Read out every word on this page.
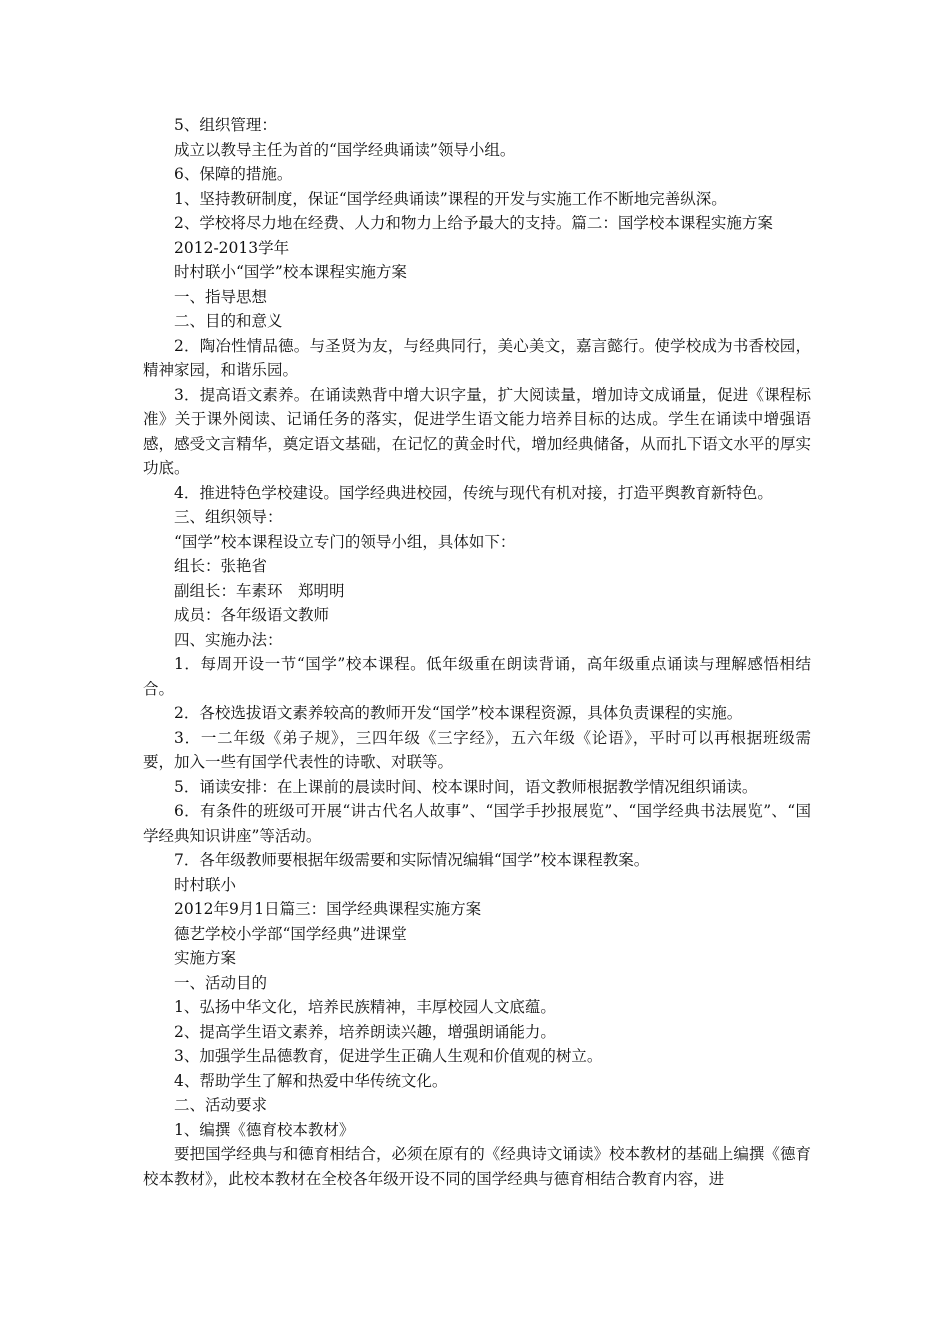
5、组织管理：

成立以教导主任为首的“国学经典诵读”领导小组。

6、保障的措施。

1、坚持教研制度，保证“国学经典诵读”课程的开发与实施工作不断地完善纵深。

2、学校将尽力地在经费、人力和物力上给予最大的支持。篇二：国学校本课程实施方案

2012-2013学年

时村联小“国学”校本课程实施方案

一、指导思想

二、目的和意义

2．陶冶性情品德。与圣贤为友，与经典同行，美心美文，嘉言懿行。使学校成为书香校园，精神家园，和谐乐园。

3．提高语文素养。在诵读熟背中增大识字量，扩大阅读量，增加诗文成诵量，促进《课程标准》关于课外阅读、记诵任务的落实，促进学生语文能力培养目标的达成。学生在诵读中增强语感，感受文言精华，奠定语文基础，在记忆的黄金时代，增加经典储备，从而扎下语文水平的厚实功底。

4．推进特色学校建设。国学经典进校园，传统与现代有机对接，打造平舆教育新特色。

三、组织领导：

“国学”校本课程设立专门的领导小组，具体如下：

组长：张艳省

副组长：车素环　郑明明

成员：各年级语文教师

四、实施办法：

1．每周开设一节“国学”校本课程。低年级重在朗读背诵，高年级重点诵读与理解感悟相结合。

2．各校选拔语文素养较高的教师开发“国学”校本课程资源，具体负责课程的实施。

3．一二年级《弟子规》，三四年级《三字经》，五六年级《论语》，平时可以再根据班级需要，加入一些有国学代表性的诗歌、对联等。

5．诵读安排：在上课前的晨读时间、校本课时间，语文教师根据教学情况组织诵读。

6．有条件的班级可开展“讲古代名人故事”、“国学手抄报展览”、“国学经典书法展览”、“国学经典知识讲座”等活动。

7．各年级教师要根据年级需要和实际情况编辑“国学”校本课程教案。

时村联小

2012年9月1日篇三：国学经典课程实施方案

德艺学校小学部“国学经典”进课堂

实施方案

一、活动目的

1、弘扬中华文化，培养民族精神，丰厚校园人文底蕴。

2、提高学生语文素养，培养朗读兴趣，增强朗诵能力。

3、加强学生品德教育，促进学生正确人生观和价值观的树立。

4、帮助学生了解和热爱中华传统文化。

二、活动要求

1、编撰《德育校本教材》

要把国学经典与和德育相结合，必须在原有的《经典诗文诵读》校本教材的基础上编撰《德育校本教材》，此校本教材在全校各年级开设不同的国学经典与德育相结合教育内容，进
